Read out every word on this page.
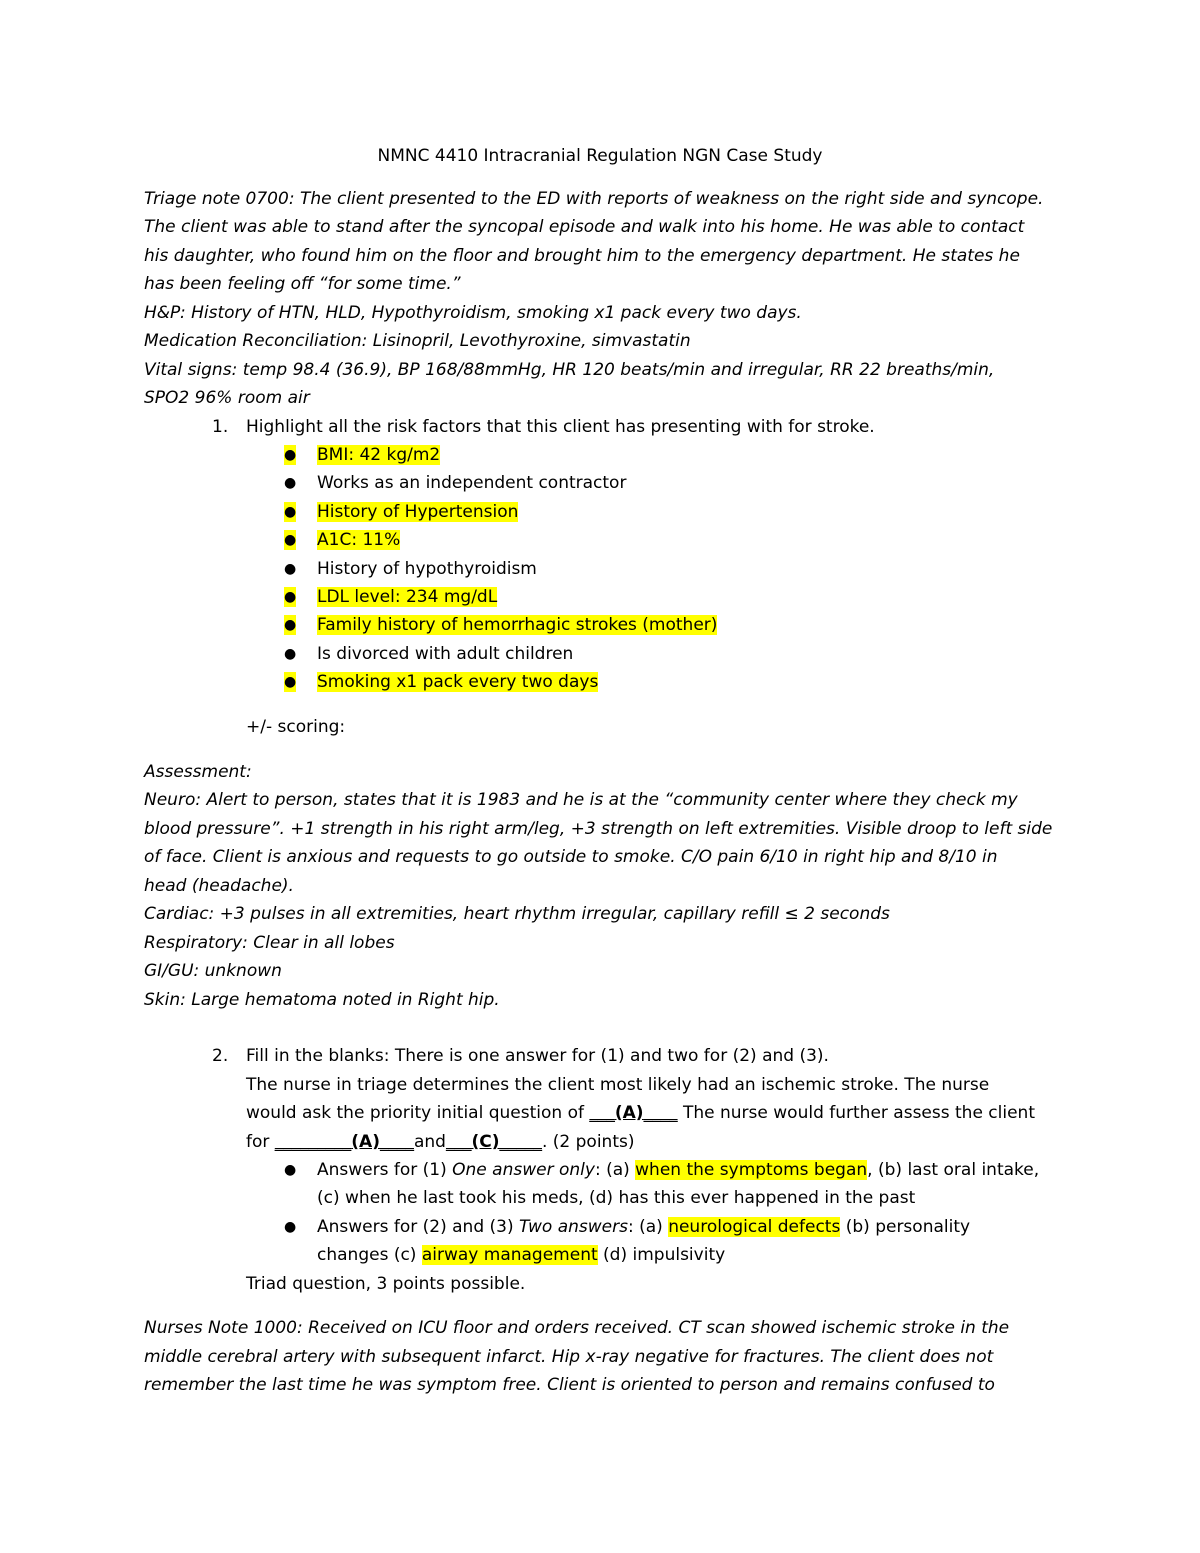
NMNC 4410 Intracranial Regulation NGN Case Study
Triage note 0700: The client presented to the ED with reports of weakness on the right side and syncope.
The client was able to stand after the syncopal episode and walk into his home. He was able to contact
his daughter, who found him on the floor and brought him to the emergency department. He states he
has been feeling off “for some time.”
H&P: History of HTN, HLD, Hypothyroidism, smoking x1 pack every two days.
Medication Reconciliation: Lisinopril, Levothyroxine, simvastatin
Vital signs: temp 98.4 (36.9), BP 168/88mmHg, HR 120 beats/min and irregular, RR 22 breaths/min,
SPO2 96% room air
1. Highlight all the risk factors that this client has presenting with for stroke.
● BMI: 42 kg/m2
● Works as an independent contractor
● History of Hypertension
● A1C: 11%
● History of hypothyroidism
● LDL level: 234 mg/dL
● Family history of hemorrhagic strokes (mother)
● Is divorced with adult children
● Smoking x1 pack every two days
+/- scoring:
Assessment:
Neuro: Alert to person, states that it is 1983 and he is at the “community center where they check my
blood pressure”. +1 strength in his right arm/leg, +3 strength on left extremities. Visible droop to left side
of face. Client is anxious and requests to go outside to smoke. C/O pain 6/10 in right hip and 8/10 in
head (headache).
Cardiac: +3 pulses in all extremities, heart rhythm irregular, capillary refill ≤ 2 seconds
Respiratory: Clear in all lobes
GI/GU: unknown
Skin: Large hematoma noted in Right hip.
2. Fill in the blanks: There is one answer for (1) and two for (2) and (3).
The nurse in triage determines the client most likely had an ischemic stroke. The nurse
would ask the priority initial question of ___(A)____ The nurse would further assess the client
for _________(A)____and___(C)_____. (2 points)
● Answers for (1) One answer only: (a) when the symptoms began, (b) last oral intake,
(c) when he last took his meds, (d) has this ever happened in the past
● Answers for (2) and (3) Two answers: (a) neurological defects (b) personality
changes (c) airway management (d) impulsivity
Triad question, 3 points possible.
Nurses Note 1000: Received on ICU floor and orders received. CT scan showed ischemic stroke in the
middle cerebral artery with subsequent infarct. Hip x-ray negative for fractures. The client does not
remember the last time he was symptom free. Client is oriented to person and remains confused to
